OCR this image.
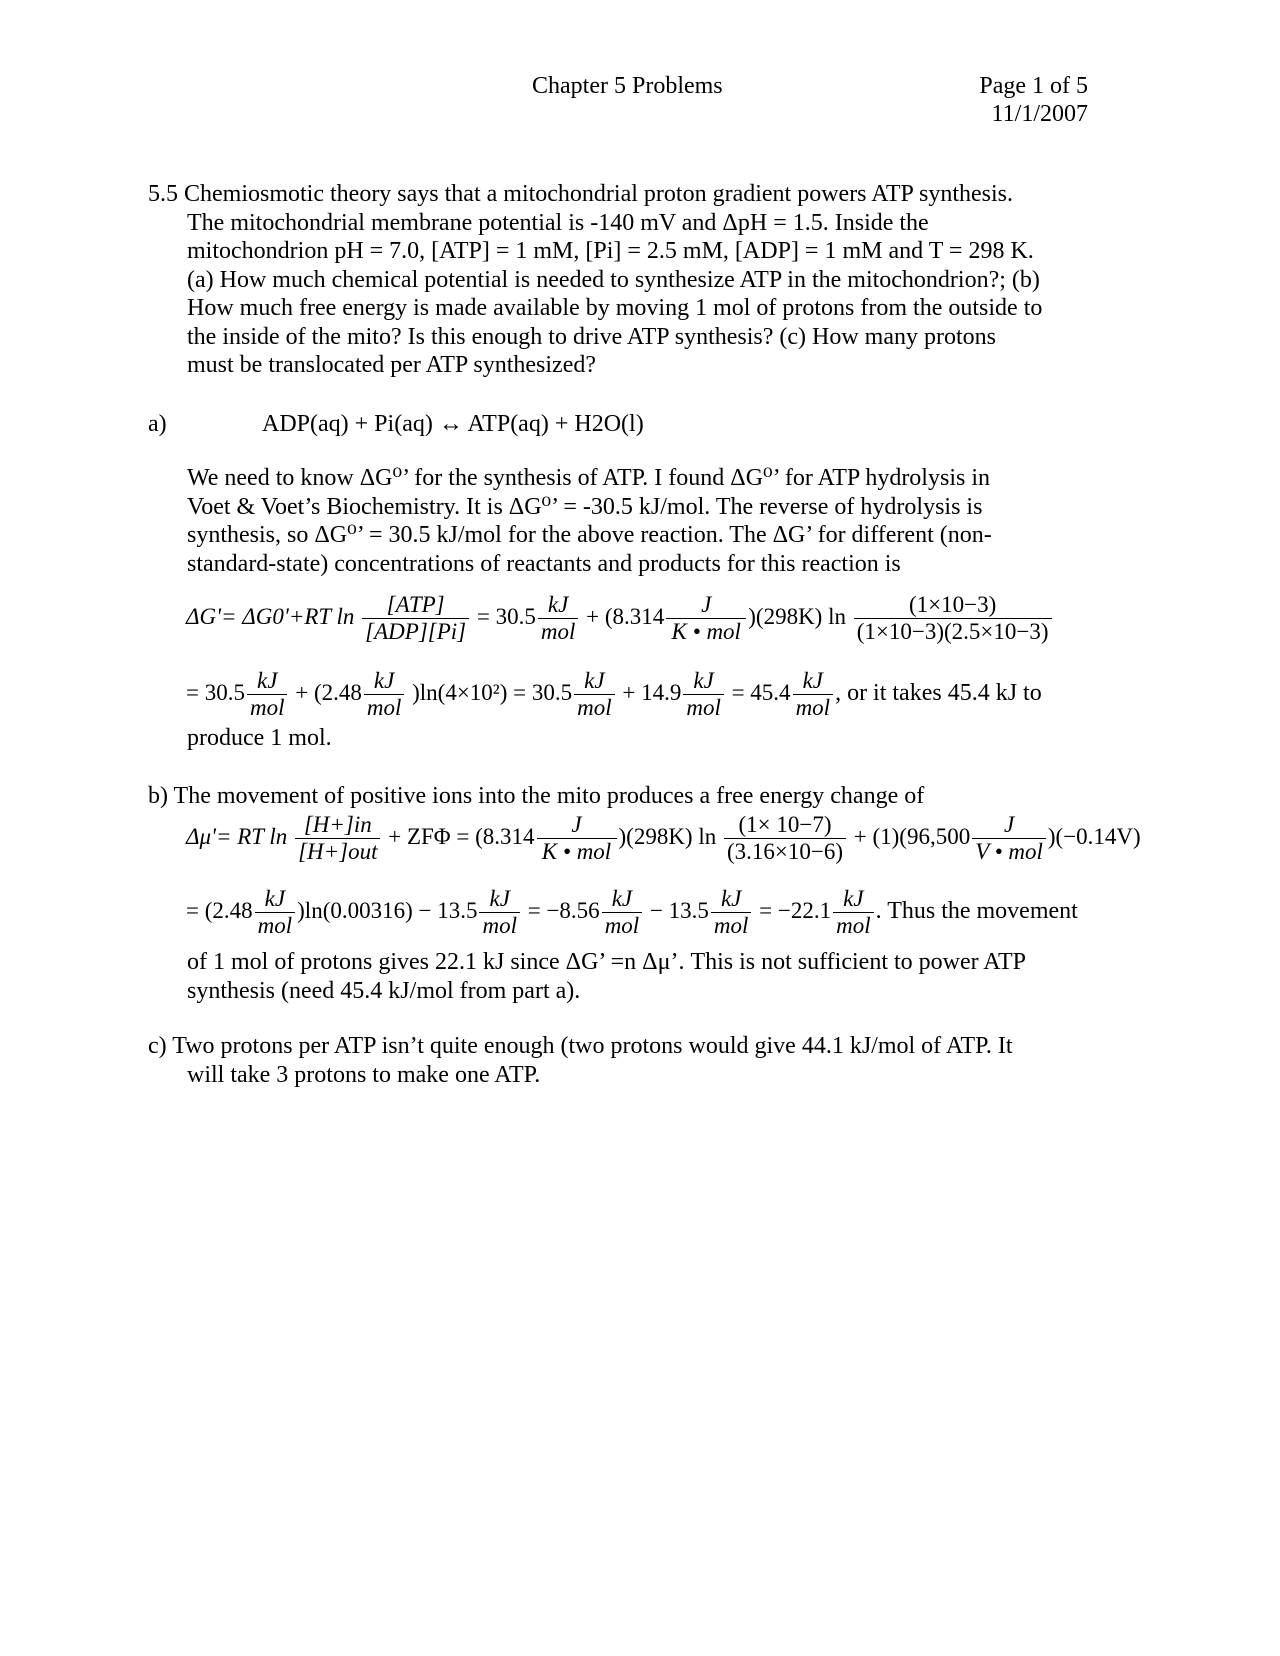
Chapter 5 Problems	Page 1 of 5
11/1/2007
5.5 Chemiosmotic theory says that a mitochondrial proton gradient powers ATP synthesis.
The mitochondrial membrane potential is -140 mV and ΔpH = 1.5. Inside the
mitochondrion pH = 7.0, [ATP] = 1 mM, [Pi] = 2.5 mM, [ADP] = 1 mM and T = 298 K.
(a) How much chemical potential is needed to synthesize ATP in the mitochondrion?; (b)
How much free energy is made available by moving 1 mol of protons from the outside to
the inside of the mito? Is this enough to drive ATP synthesis? (c) How many protons
must be translocated per ATP synthesized?
a)	ADP(aq) + Pi(aq) ↔ ATP(aq) + H2O(l)
We need to know ΔG⁰’ for the synthesis of ATP. I found ΔG⁰’ for ATP hydrolysis in
Voet & Voet’s Biochemistry. It is ΔG⁰’ = -30.5 kJ/mol. The reverse of hydrolysis is
synthesis, so ΔG⁰’ = 30.5 kJ/mol for the above reaction. The ΔG’ for different (non-
standard-state) concentrations of reactants and products for this reaction is
ΔG'= ΔG0'+RT $\ln \frac{\text{[ATP]}}{\text{[ADP][Pi]}} = 30.5 \frac{kJ}{\text{mol}} + (8.314 \frac{J}{\text{K • mol}} )(298K)$ $\ln \frac{(1\times 10-3)}{(1\times 10-3)(2.5\times 10-3)}$
= $30.5 \frac{kJ}{\text{mol}} + (2.48 \frac{kJ}{\text{mol}} )\ln(4\times 10^2) = 30.5 \frac{kJ}{\text{mol}} + 14.9 \frac{kJ}{\text{mol}} = 45.4 \frac{kJ}{\text{mol}}$ , or it takes 45.4 kJ to
produce 1 mol.
b) The movement of positive ions into the mito produces a free energy change of
Δμ'= RT $\ln \frac{[H+]in}{\text{[H+]out}} + ZF\Phi = (8.314 \frac{J}{\text{K • mol}} )(298K)$ $\ln \frac{(1\times 10-7)}{(3.16\times 10-6)} + (1)(96,500 \frac{J}{\text{V • mol}} )(-0.14V)$
= $(2.48 \frac{kJ}{\text{mol}} )\ln(0.00316) - 13.5 \frac{kJ}{\text{mol}} = -8.56 \frac{kJ}{\text{mol}} - 13.5 \frac{kJ}{\text{mol}} = -22.1 \frac{kJ}{\text{mol}}$ . Thus the movement
of 1 mol of protons gives 22.1 kJ since ΔG’ =n Δμ’. This is not sufficient to power ATP
synthesis (need 45.4 kJ/mol from part a).
c) Two protons per ATP isn’t quite enough (two protons would give 44.1 kJ/mol of ATP. It
will take 3 protons to make one ATP.
